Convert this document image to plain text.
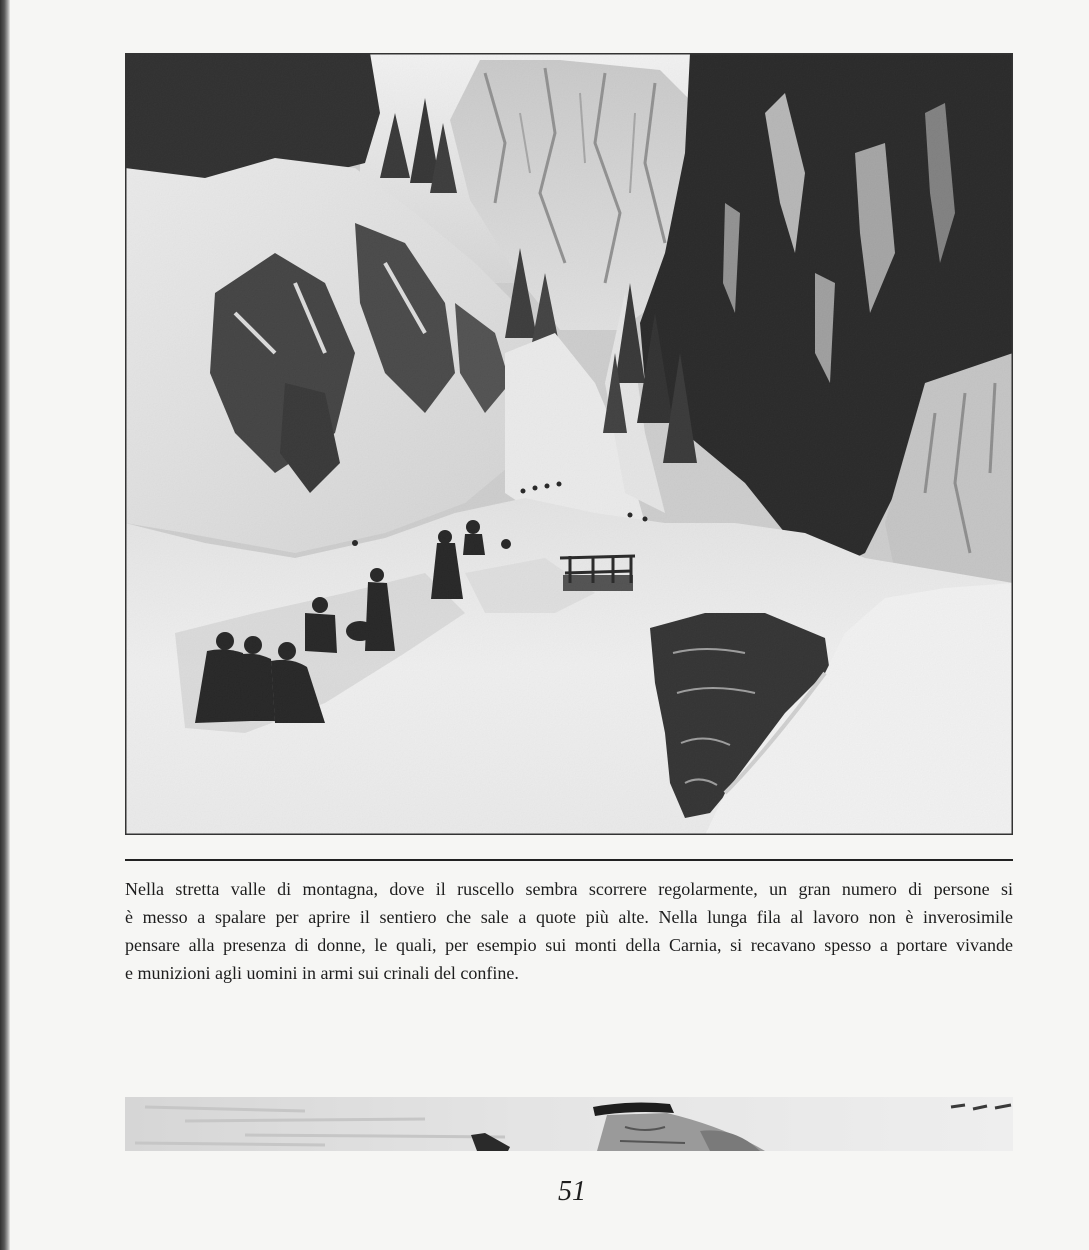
Nella stretta valle di montagna, dove il ruscello sembra scorrere regolarmente, un gran numero di persone si
è messo a spalare per aprire il sentiero che sale a quote più alte. Nella lunga fila al lavoro non è inverosimile
pensare alla presenza di donne, le quali, per esempio sui monti della Carnia, si recavano spesso a portare vivande
e munizioni agli uomini in armi sui crinali del confine.
51
